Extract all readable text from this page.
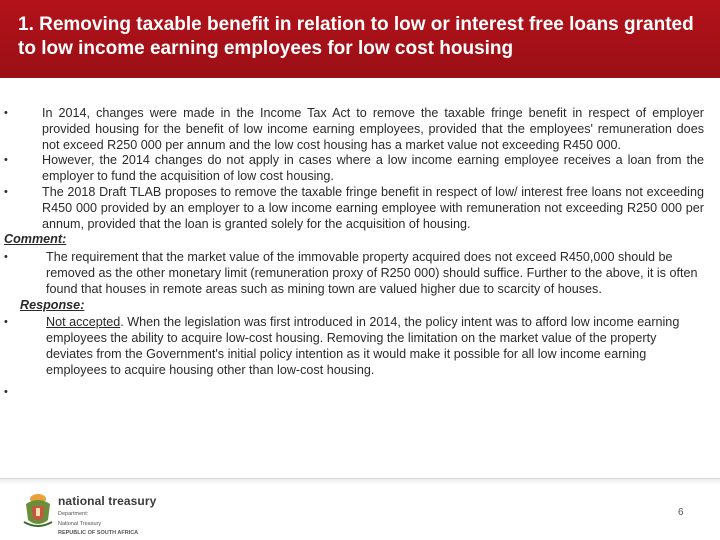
1. Removing taxable benefit in relation to low or interest free loans granted to low income earning employees for low cost housing
•	In 2014, changes were made in the Income Tax Act to remove the taxable fringe benefit in respect of employer provided housing for the benefit of low income earning employees, provided that the employees' remuneration does not exceed R250 000 per annum and the low cost housing has a market value not exceeding R450 000.
•	However, the 2014 changes do not apply in cases where a low income earning employee receives a loan from the employer to fund the acquisition of low cost housing.
•	The 2018 Draft TLAB proposes to remove the taxable fringe benefit in respect of low/ interest free loans not exceeding R450 000 provided by an employer to a low income earning employee with remuneration not exceeding R250 000 per annum, provided that the loan is granted solely for the acquisition of housing.
Comment:
•	The requirement that the market value of the immovable property acquired does not exceed R450,000 should be removed as the other monetary limit (remuneration proxy of R250 000) should suffice. Further to the above, it is often found that houses in remote areas such as mining town are valued higher due to scarcity of houses.
Response:
•	Not accepted. When the legislation was first introduced in 2014, the policy intent was to afford low income earning employees the ability to acquire low-cost housing. Removing the limitation on the market value of the property deviates from the Government's initial policy intention as it would make it possible for all low income earning employees to acquire housing other than low-cost housing.
•
national treasury
Department:
National Treasury
REPUBLIC OF SOUTH AFRICA
6
